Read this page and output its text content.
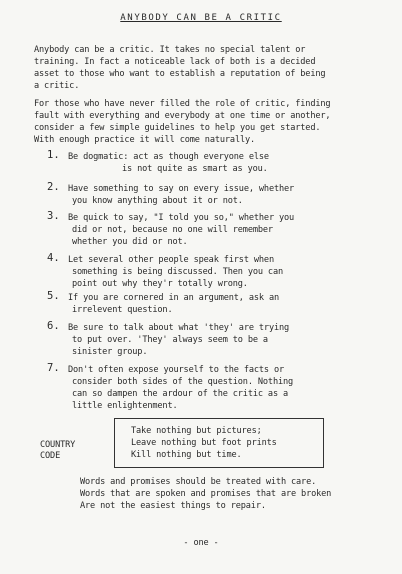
ANYBODY CAN BE A CRITIC
Anybody can be a critic. It takes no special talent or
training. In fact a noticeable lack of both is a decided
asset to those who want to establish a reputation of being
a critic.
For those who have never filled the role of critic, finding
fault with everything and everybody at one time or another,
consider a few simple guidelines to help you get started.
With enough practice it will come naturally.
1. Be dogmatic: act as though everyone else
is not quite as smart as you.
2. Have something to say on every issue, whether
you know anything about it or not.
3. Be quick to say, "I told you so," whether you
did or not, because no one will remember
whether you did or not.
4. Let several other people speak first when
something is being discussed. Then you can
point out why they'r totally wrong.
5. If you are cornered in an argument, ask an
irrelevent question.
6. Be sure to talk about what 'they' are trying
to put over. 'They' always seem to be a
sinister group.
7. Don't often expose yourself to the facts or
consider both sides of the question. Nothing
can so dampen the ardour of the critic as a
little enlightenment.
COUNTRY
CODE
Take nothing but pictures;
Leave nothing but foot prints
Kill nothing but time.
Words and promises should be treated with care.
Words that are spoken and promises that are broken
Are not the easiest things to repair.
- one -
